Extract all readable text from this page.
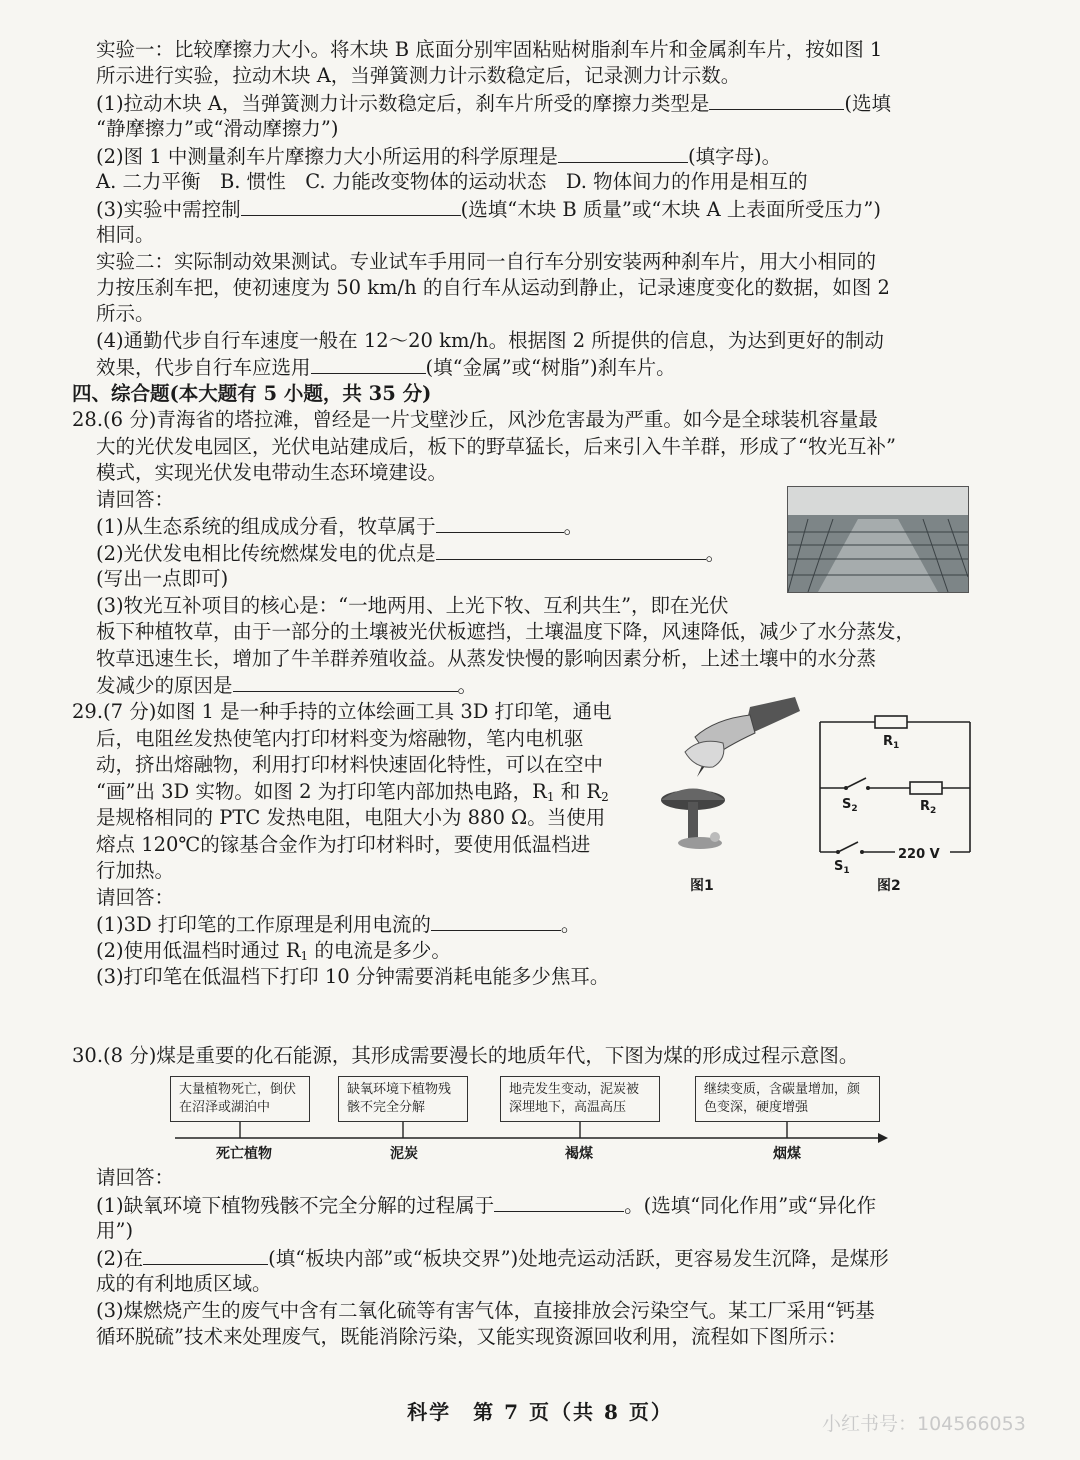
实验一：比较摩擦力大小。将木块 B 底面分别牢固粘贴树脂刹车片和金属刹车片，按如图 1
所示进行实验，拉动木块 A，当弹簧测力计示数稳定后，记录测力计示数。
(1)拉动木块 A，当弹簧测力计示数稳定后，刹车片所受的摩擦力类型是	(选填
“静摩擦力”或“滑动摩擦力”)
(2)图 1 中测量刹车片摩擦力大小所运用的科学原理是	(填字母)。
A. 二力平衡　B. 惯性　C. 力能改变物体的运动状态　D. 物体间力的作用是相互的
(3)实验中需控制	(选填“木块 B 质量”或“木块 A 上表面所受压力”)
相同。
实验二：实际制动效果测试。专业试车手用同一自行车分别安装两种刹车片，用大小相同的
力按压刹车把，使初速度为 50 km/h 的自行车从运动到静止，记录速度变化的数据，如图 2
所示。
(4)通勤代步自行车速度一般在 12～20 km/h。根据图 2 所提供的信息，为达到更好的制动
效果，代步自行车应选用	(填“金属”或“树脂”)刹车片。
四、综合题(本大题有 5 小题，共 35 分)
28.(6 分)青海省的塔拉滩，曾经是一片戈壁沙丘，风沙危害最为严重。如今是全球装机容量最
大的光伏发电园区，光伏电站建成后，板下的野草猛长，后来引入牛羊群，形成了“牧光互补”
模式，实现光伏发电带动生态环境建设。
请回答：
(1)从生态系统的组成成分看，牧草属于	。
(2)光伏发电相比传统燃煤发电的优点是	。
(写出一点即可)
(3)牧光互补项目的核心是：“一地两用、上光下牧、互利共生”，即在光伏
板下种植牧草，由于一部分的土壤被光伏板遮挡，土壤温度下降，风速降低，减少了水分蒸发，
牧草迅速生长，增加了牛羊群养殖收益。从蒸发快慢的影响因素分析，上述土壤中的水分蒸
发减少的原因是	。
29.(7 分)如图 1 是一种手持的立体绘画工具 3D 打印笔，通电
后，电阻丝发热使笔内打印材料变为熔融物，笔内电机驱
动，挤出熔融物，利用打印材料快速固化特性，可以在空中
“画”出 3D 实物。如图 2 为打印笔内部加热电路，$R_1$ 和 $R_2$
是规格相同的 PTC 发热电阻，电阻大小为 880 Ω。当使用
熔点 120℃的镓基合金作为打印材料时，要使用低温档进
行加热。
请回答：
(1)3D 打印笔的工作原理是利用电流的	。
(2)使用低温档时通过 $R_1$ 的电流是多少。
(3)打印笔在低温档下打印 10 分钟需要消耗电能多少焦耳。
图1
$R_1$
$S_2$	$R_2$
$S_1$
220 V
图2
30.(8 分)煤是重要的化石能源，其形成需要漫长的地质年代，下图为煤的形成过程示意图。
大量植物死亡，倒伏在沼泽或湖泊中
缺氧环境下植物残骸不完全分解
地壳发生变动，泥炭被深埋地下，高温高压
继续变质，含碳量增加，颜色变深，硬度增强
死亡植物	泥炭	褐煤	烟煤
请回答：
(1)缺氧环境下植物残骸不完全分解的过程属于	。(选填“同化作用”或“异化作
用”)
(2)在	(填“板块内部”或“板块交界”)处地壳运动活跃，更容易发生沉降，是煤形
成的有利地质区域。
(3)煤燃烧产生的废气中含有二氧化硫等有害气体，直接排放会污染空气。某工厂采用“钙基
循环脱硫”技术来处理废气，既能消除污染，又能实现资源回收利用，流程如下图所示：
科学　第 7 页（共 8 页）	小红书号：104566053
